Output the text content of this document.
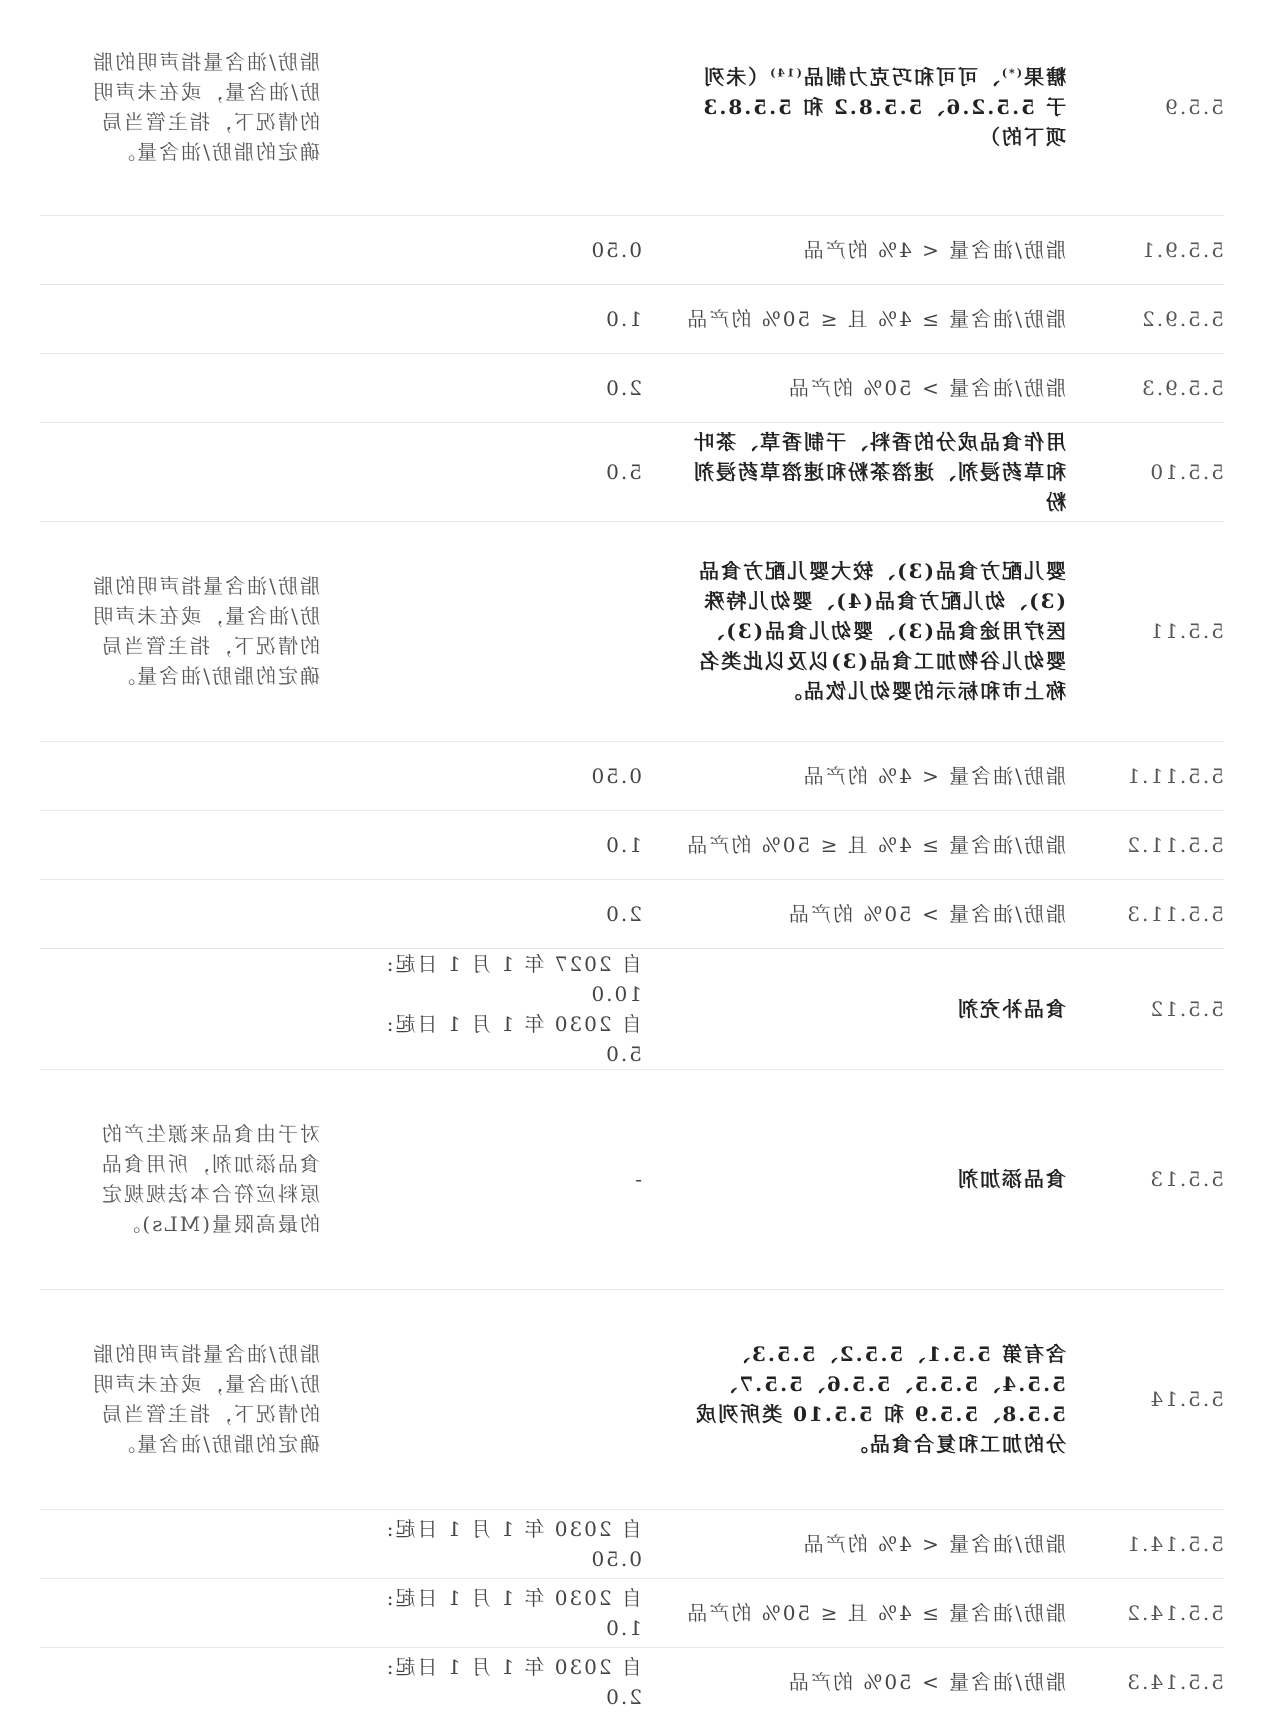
5.5.9	糖果(*)、可可和巧克力制品$^{(14)}$（未列于 5.5.2.6、5.5.8.2 和 5.5.8.3 项下的）		脂肪/油含量指声明的脂肪/油含量，或在未声明的情况下，指主管当局确定的脂肪/油含量。
5.5.9.1	脂肪/油含量 < 4% 的产品	0.50	
5.5.9.2	脂肪/油含量 ≥ 4% 且 ≤ 50% 的产品	1.0	
5.5.9.3	脂肪/油含量 > 50% 的产品	2.0	
5.5.10	用作食品成分的香料、干制香草、茶叶和草药浸剂、速溶茶粉和速溶草药浸剂粉	5.0	
5.5.11	婴儿配方食品(3)、较大婴儿配方食品(3)、幼儿配方食品(4)、婴幼儿特殊医疗用途食品(3)、婴幼儿食品(3)、婴幼儿谷物加工食品(3)以及以此类名称上市和标示的婴幼儿饮品。		脂肪/油含量指声明的脂肪/油含量，或在未声明的情况下，指主管当局确定的脂肪/油含量。
5.5.11.1	脂肪/油含量 < 4% 的产品	0.50	
5.5.11.2	脂肪/油含量 ≥ 4% 且 ≤ 50% 的产品	1.0	
5.5.11.3	脂肪/油含量 > 50% 的产品	2.0	
5.5.12	食品补充剂	自 2027 年 1 月 1 日起: 10.0
自 2030 年 1 月 1 日起: 5.0	

5.5.13	食品添加剂	-	对于由食品来源生产的食品添加剂，所用食品原料应符合本法规规定的最高限量(MLs)。
5.5.14	含有第 5.5.1、5.5.2、5.5.3、5.5.4、5.5.5、5.5.6、5.5.7、5.5.8、5.5.9 和 5.5.10 类所列成分的加工和复合食品。		脂肪/油含量指声明的脂肪/油含量，或在未声明的情况下，指主管当局确定的脂肪/油含量。
5.5.14.1	脂肪/油含量 < 4% 的产品	自 2030 年 1 月 1 日起: 0.50	
5.5.14.2	脂肪/油含量 ≥ 4% 且 ≤ 50% 的产品	自 2030 年 1 月 1 日起: 1.0	
5.5.14.3	脂肪/油含量 > 50% 的产品	自 2030 年 1 月 1 日起: 2.0	
